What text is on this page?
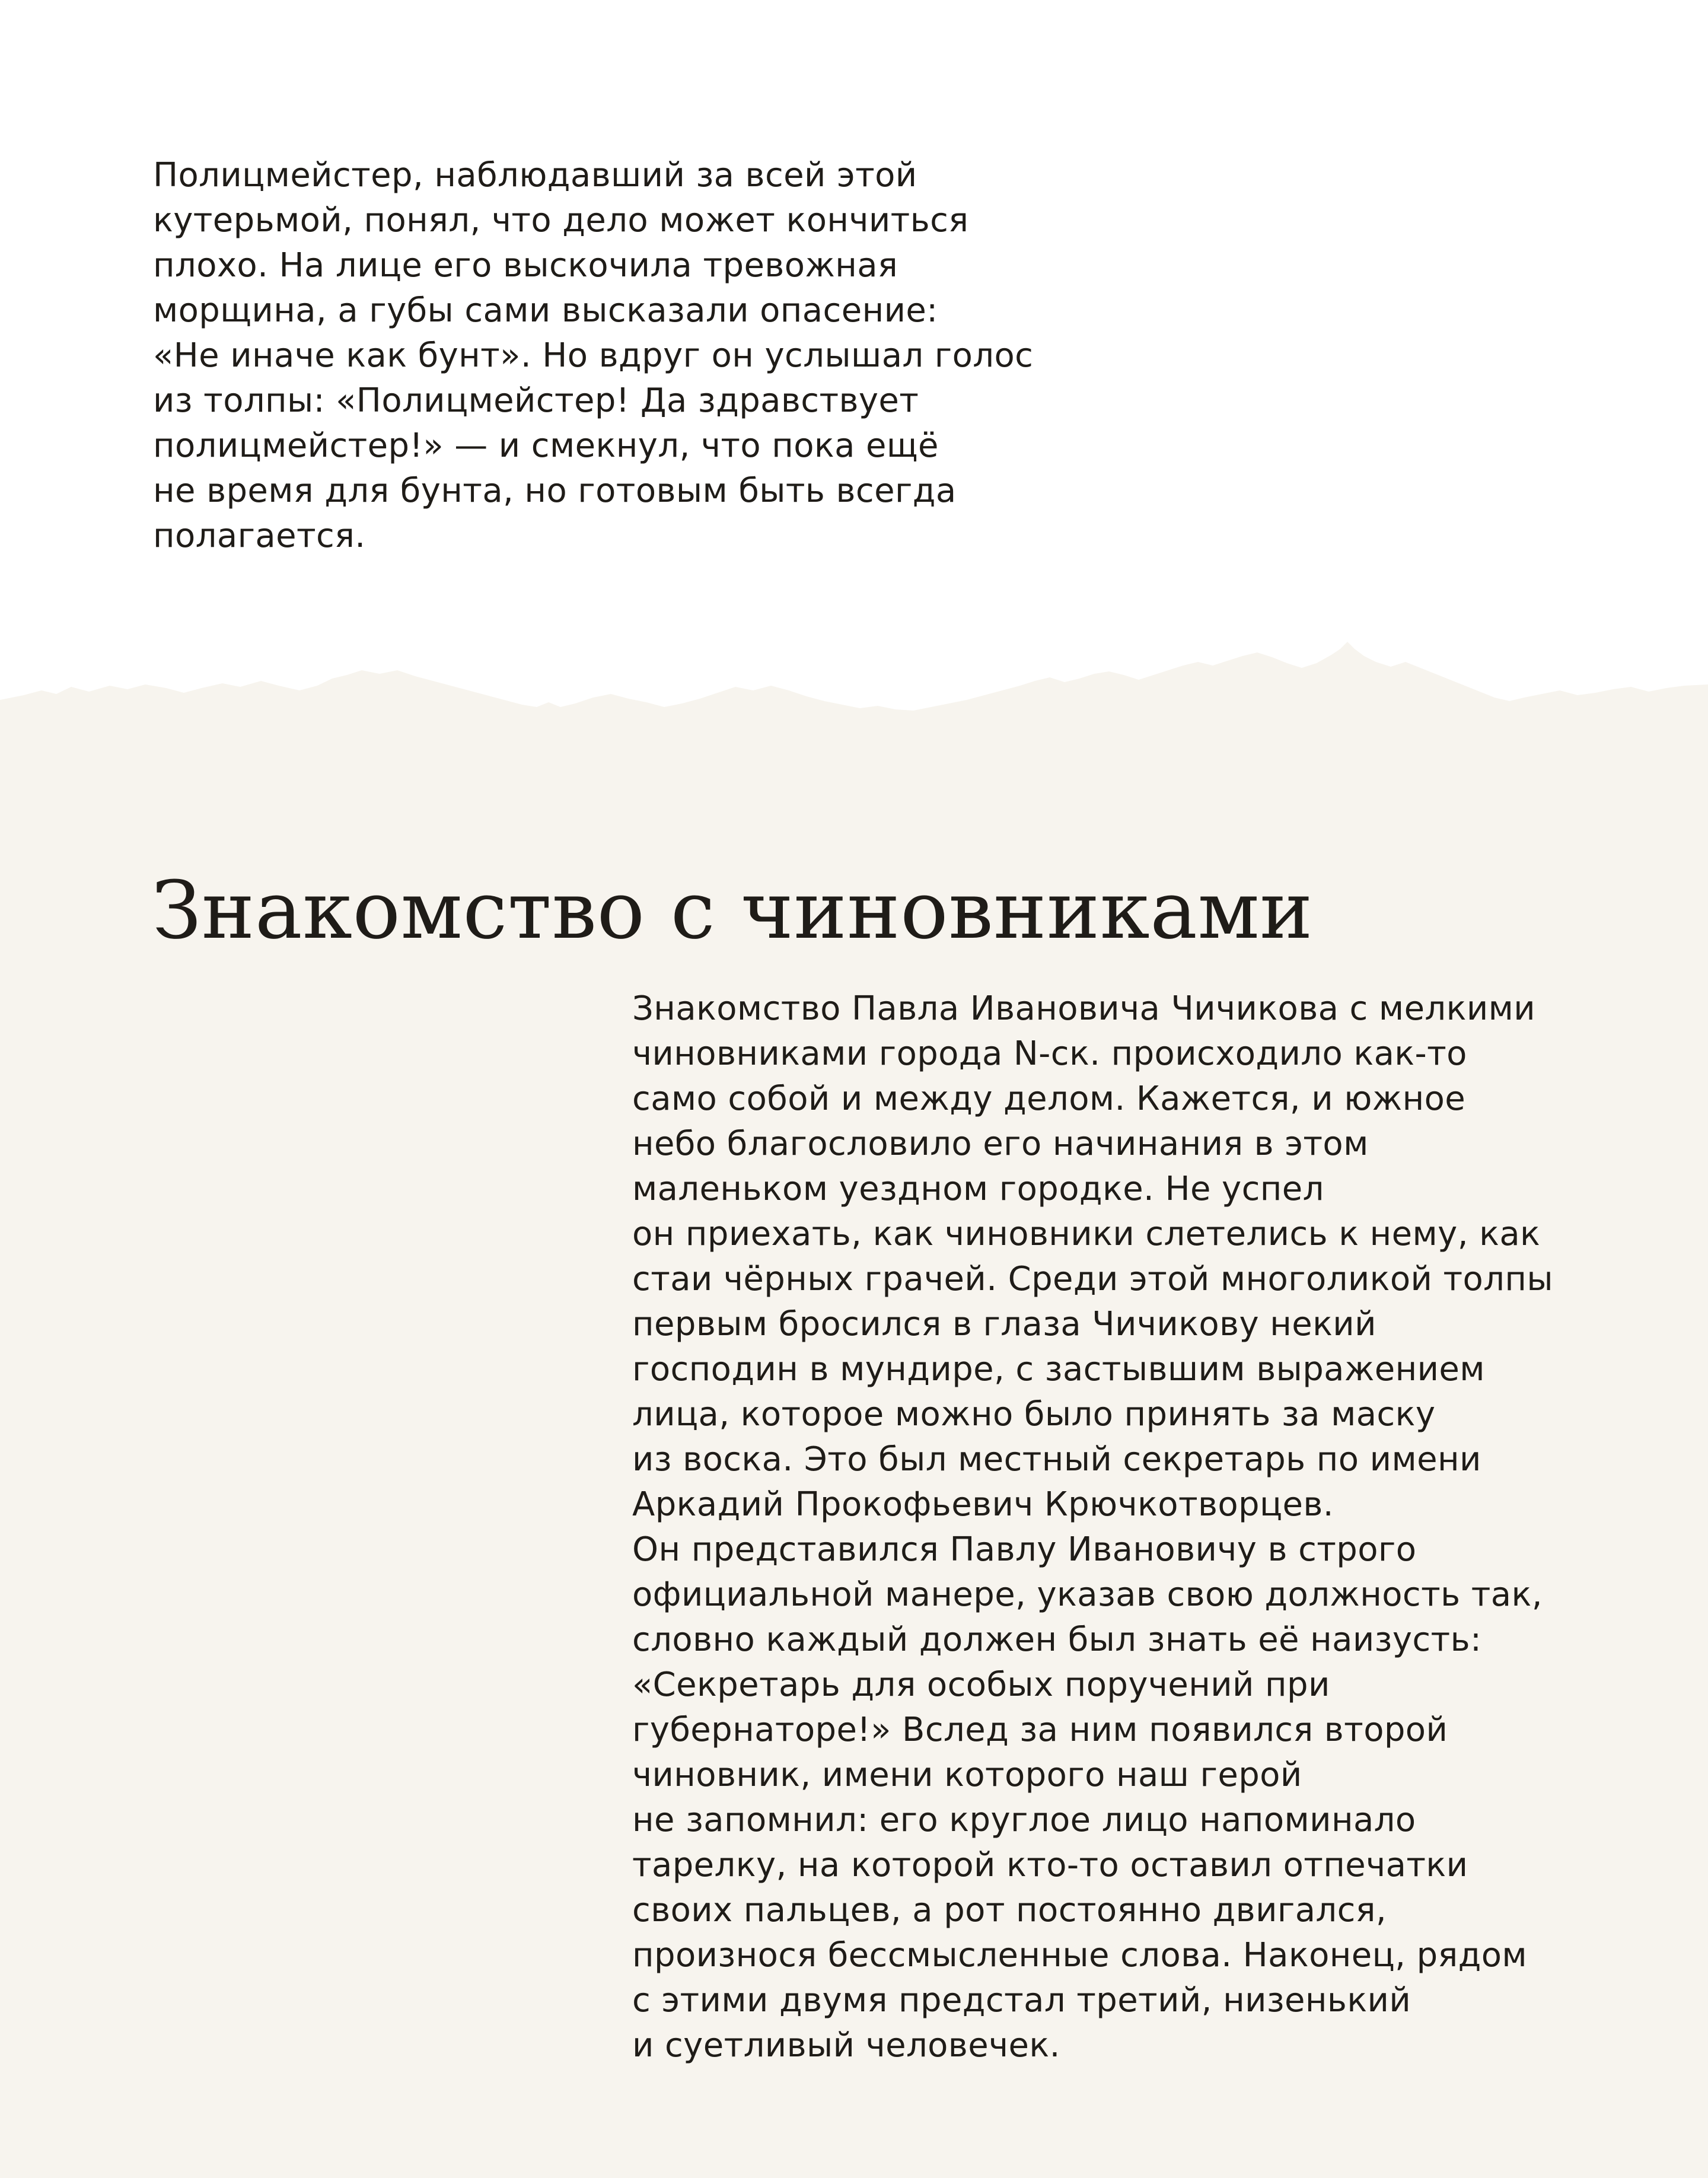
Полицмейстер, наблюдавший за всей этой
кутерьмой, понял, что дело может кончиться
плохо. На лице его выскочила тревожная
морщина, а губы сами высказали опасение:
«Не иначе как бунт». Но вдруг он услышал голос
из толпы: «Полицмейстер! Да здравствует
полицмейстер!» — и смекнул, что пока ещё
не время для бунта, но готовым быть всегда
полагается.

Знакомство с чиновниками

Знакомство Павла Ивановича Чичикова с мелкими
чиновниками города N-ск. происходило как-то
само собой и между делом. Кажется, и южное
небо благословило его начинания в этом
маленьком уездном городке. Не успел
он приехать, как чиновники слетелись к нему, как
стаи чёрных грачей. Среди этой многоликой толпы
первым бросился в глаза Чичикову некий
господин в мундире, с застывшим выражением
лица, которое можно было принять за маску
из воска. Это был местный секретарь по имени
Аркадий Прокофьевич Крючкотворцев.
Он представился Павлу Ивановичу в строго
официальной манере, указав свою должность так,
словно каждый должен был знать её наизусть:
«Секретарь для особых поручений при
губернаторе!» Вслед за ним появился второй
чиновник, имени которого наш герой
не запомнил: его круглое лицо напоминало
тарелку, на которой кто-то оставил отпечатки
своих пальцев, а рот постоянно двигался,
произнося бессмысленные слова. Наконец, рядом
с этими двумя предстал третий, низенький
и суетливый человечек.
